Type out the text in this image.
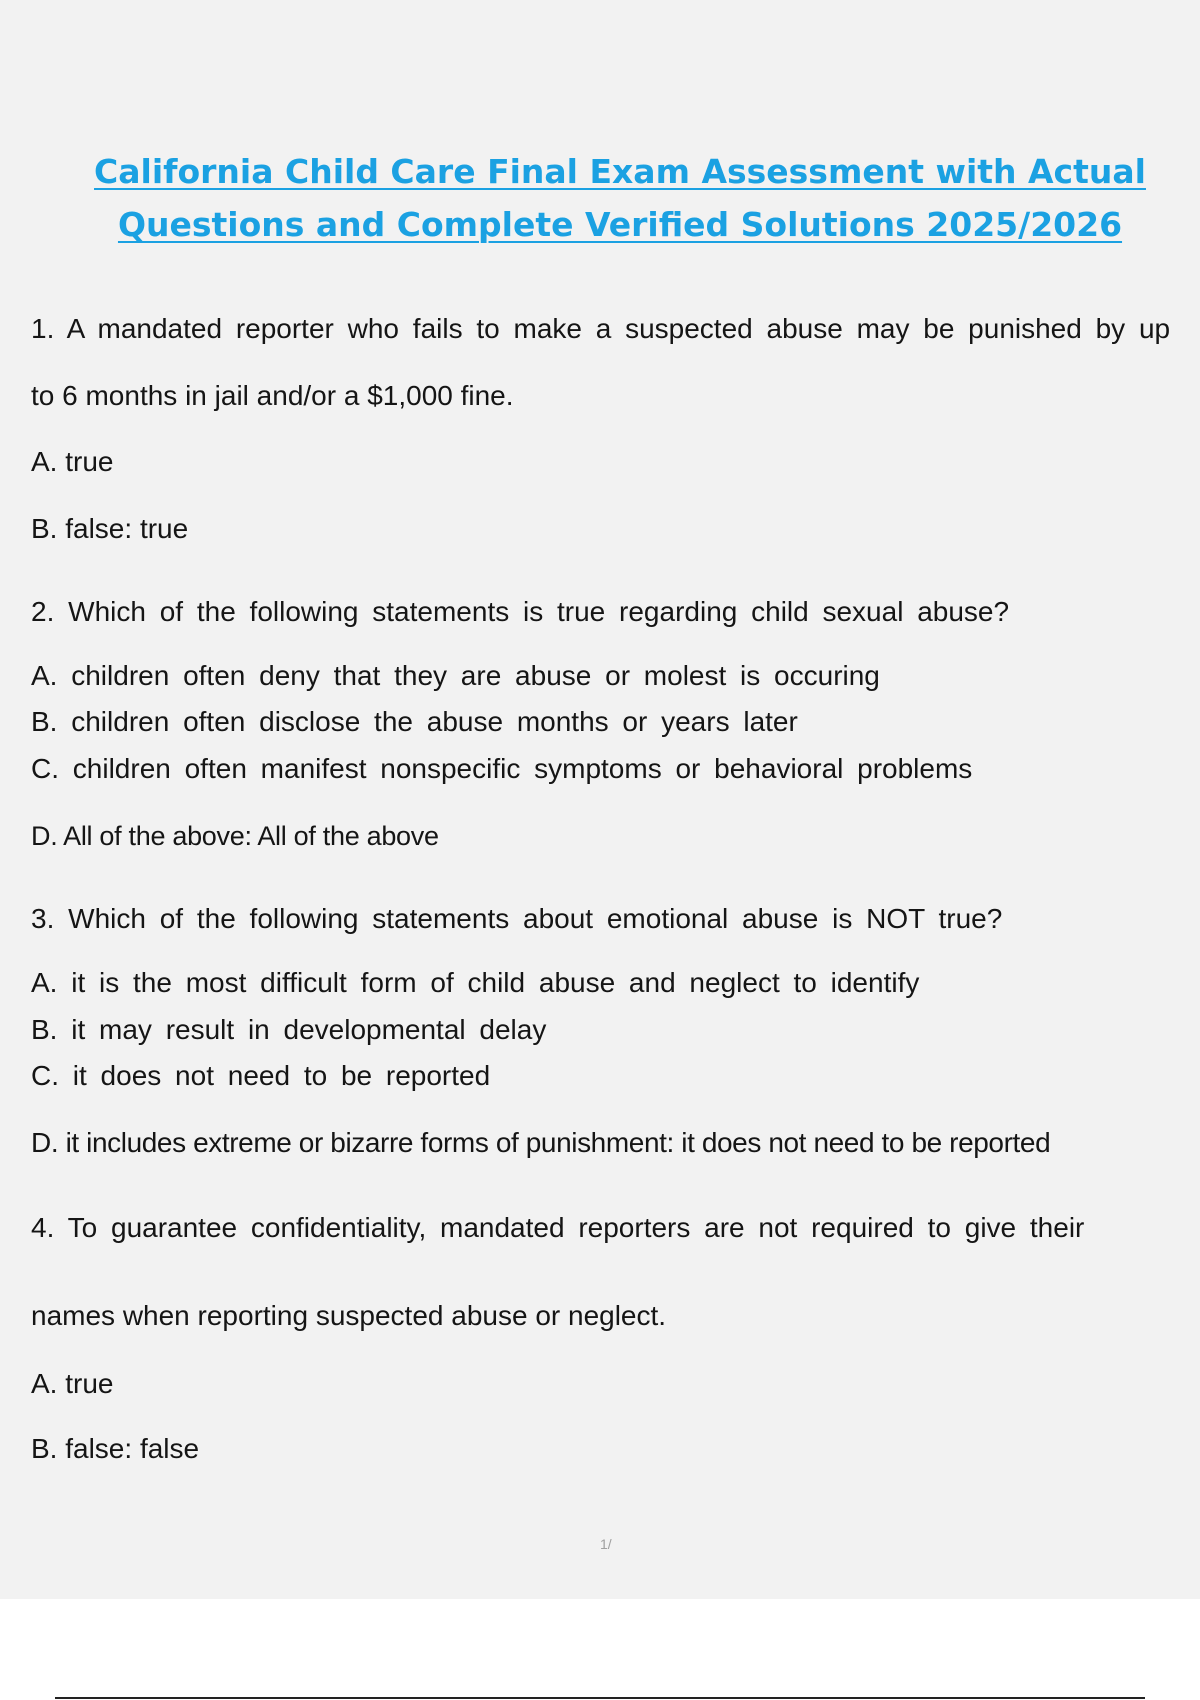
California Child Care Final Exam Assessment with Actual
Questions and Complete Verified Solutions 2025/2026
1. A mandated reporter who fails to make a suspected abuse may be punished by up
to 6 months in jail and/or a $1,000 fine.
A. true
B. false: true
2. Which of the following statements is true regarding child sexual abuse?
A. children often deny that they are abuse or molest is occuring
B. children often disclose the abuse months or years later
C. children often manifest nonspecific symptoms or behavioral problems
D. All of the above: All of the above
3. Which of the following statements about emotional abuse is NOT true?
A. it is the most difficult form of child abuse and neglect to identify
B. it may result in developmental delay
C. it does not need to be reported
D. it includes extreme or bizarre forms of punishment: it does not need to be reported
4. To guarantee confidentiality, mandated reporters are not required to give their
names when reporting suspected abuse or neglect.
A. true
B. false: false
1/
